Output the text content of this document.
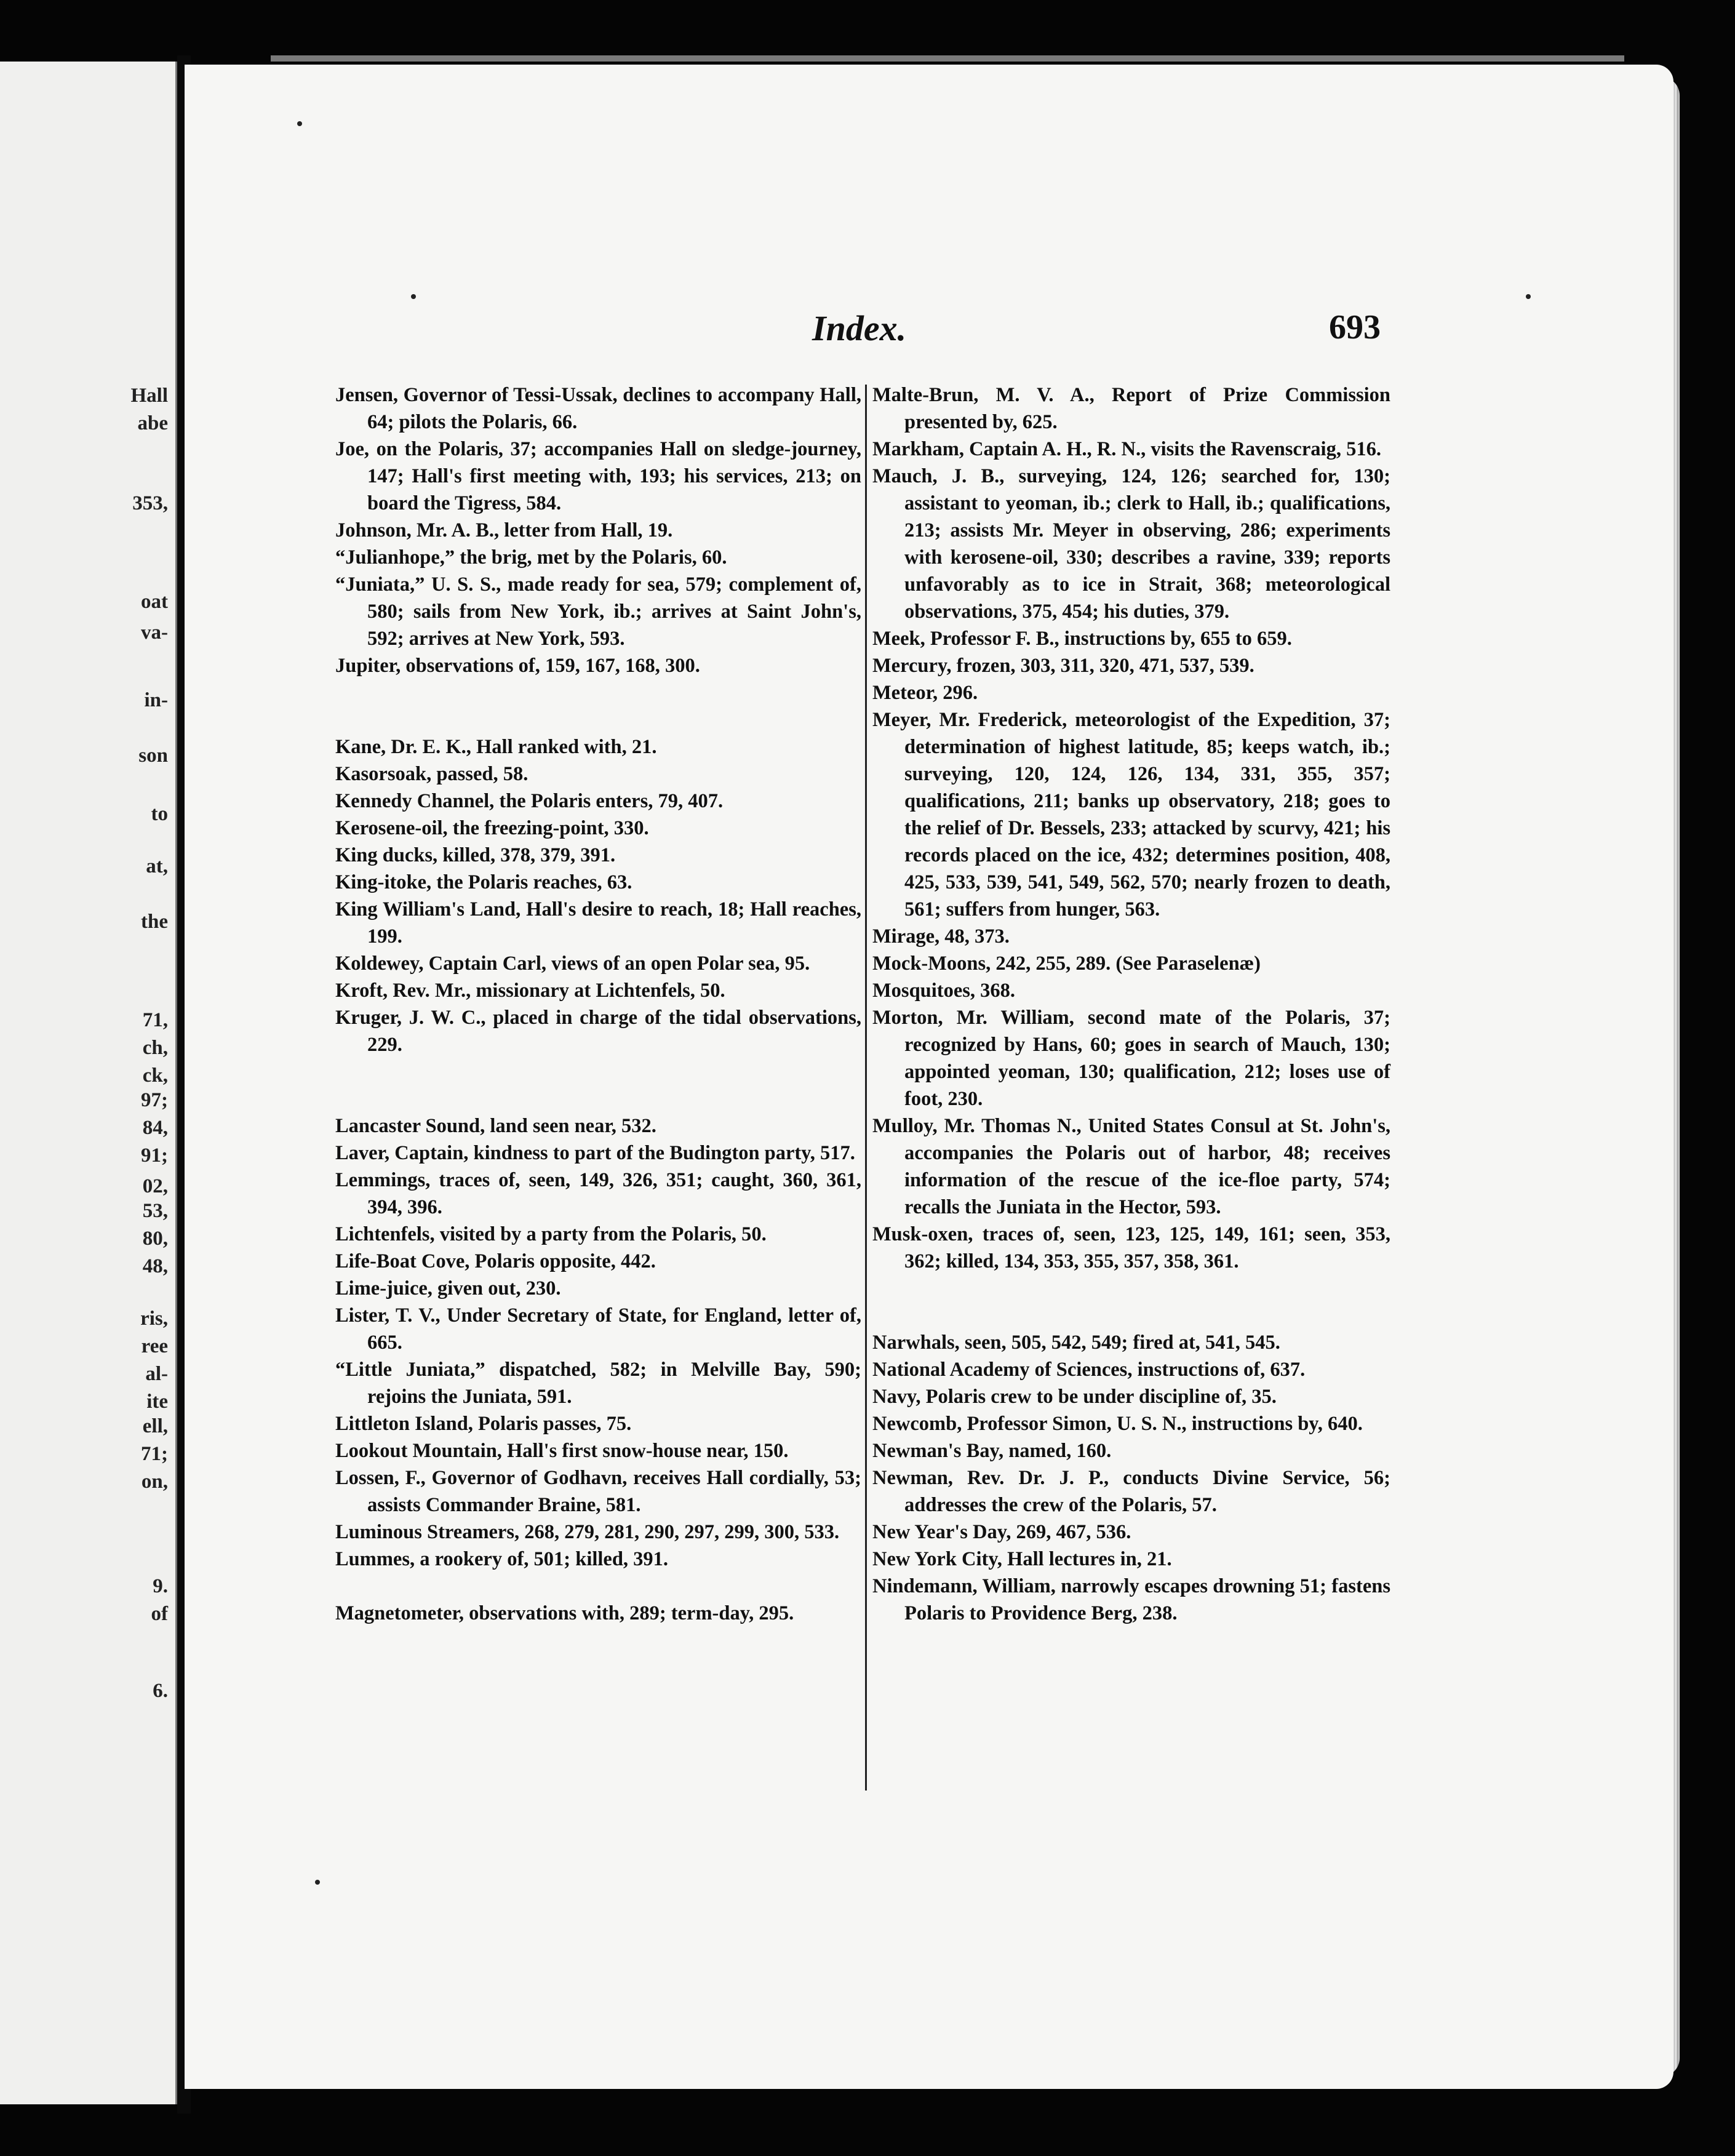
Hall
abe
353,
oat
va-
in-
son
to
at,
the
71,
ch,
ck,
97;
84,
91;
02,
53,
80,
48,
ris,
ree
al-
ite
ell,
71;
on,
9.
of
6.
Index.	693

Jensen, Governor of Tessi-Ussak, declines to accompany Hall, 64; pilots the Polaris, 66.

Joe, on the Polaris, 37; accompanies Hall on sledge-journey, 147; Hall's first meeting with, 193; his services, 213; on board the Tigress, 584.

Johnson, Mr. A. B., letter from Hall, 19.

“Julianhope,” the brig, met by the Polaris, 60.

“Juniata,” U. S. S., made ready for sea, 579; complement of, 580; sails from New York, ib.; arrives at Saint John's, 592; arrives at New York, 593.

Jupiter, observations of, 159, 167, 168, 300.

Kane, Dr. E. K., Hall ranked with, 21.

Kasorsoak, passed, 58.

Kennedy Channel, the Polaris enters, 79, 407.

Kerosene-oil, the freezing-point, 330.

King ducks, killed, 378, 379, 391.

King-itoke, the Polaris reaches, 63.

King William's Land, Hall's desire to reach, 18; Hall reaches, 199.

Koldewey, Captain Carl, views of an open Polar sea, 95.

Kroft, Rev. Mr., missionary at Lichtenfels, 50.

Kruger, J. W. C., placed in charge of the tidal observations, 229.

Lancaster Sound, land seen near, 532.

Laver, Captain, kindness to part of the Budington party, 517.

Lemmings, traces of, seen, 149, 326, 351; caught, 360, 361, 394, 396.

Lichtenfels, visited by a party from the Polaris, 50.

Life-Boat Cove, Polaris opposite, 442.

Lime-juice, given out, 230.

Lister, T. V., Under Secretary of State, for England, letter of, 665.

“Little Juniata,” dispatched, 582; in Melville Bay, 590; rejoins the Juniata, 591.

Littleton Island, Polaris passes, 75.

Lookout Mountain, Hall's first snow-house near, 150.

Lossen, F., Governor of Godhavn, receives Hall cordially, 53; assists Commander Braine, 581.

Luminous Streamers, 268, 279, 281, 290, 297, 299, 300, 533.

Lummes, a rookery of, 501; killed, 391.

Magnetometer, observations with, 289; term-day, 295.

Malte-Brun, M. V. A., Report of Prize Commission presented by, 625.

Markham, Captain A. H., R. N., visits the Ravenscraig, 516.

Mauch, J. B., surveying, 124, 126; searched for, 130; assistant to yeoman, ib.; clerk to Hall, ib.; qualifications, 213; assists Mr. Meyer in observing, 286; experiments with kerosene-oil, 330; describes a ravine, 339; reports unfavorably as to ice in Strait, 368; meteorological observations, 375, 454; his duties, 379.

Meek, Professor F. B., instructions by, 655 to 659.

Mercury, frozen, 303, 311, 320, 471, 537, 539.

Meteor, 296.

Meyer, Mr. Frederick, meteorologist of the Expedition, 37; determination of highest latitude, 85; keeps watch, ib.; surveying, 120, 124, 126, 134, 331, 355, 357; qualifications, 211; banks up observatory, 218; goes to the relief of Dr. Bessels, 233; attacked by scurvy, 421; his records placed on the ice, 432; determines position, 408, 425, 533, 539, 541, 549, 562, 570; nearly frozen to death, 561; suffers from hunger, 563.

Mirage, 48, 373.

Mock-Moons, 242, 255, 289. (See Paraselenæ)

Mosquitoes, 368.

Morton, Mr. William, second mate of the Polaris, 37; recognized by Hans, 60; goes in search of Mauch, 130; appointed yeoman, 130; qualification, 212; loses use of foot, 230.

Mulloy, Mr. Thomas N., United States Consul at St. John's, accompanies the Polaris out of harbor, 48; receives information of the rescue of the ice-floe party, 574; recalls the Juniata in the Hector, 593.

Musk-oxen, traces of, seen, 123, 125, 149, 161; seen, 353, 362; killed, 134, 353, 355, 357, 358, 361.

Narwhals, seen, 505, 542, 549; fired at, 541, 545.

National Academy of Sciences, instructions of, 637.

Navy, Polaris crew to be under discipline of, 35.

Newcomb, Professor Simon, U. S. N., instructions by, 640.

Newman's Bay, named, 160.

Newman, Rev. Dr. J. P., conducts Divine Service, 56; addresses the crew of the Polaris, 57.

New Year's Day, 269, 467, 536.

New York City, Hall lectures in, 21.

Nindemann, William, narrowly escapes drowning 51; fastens Polaris to Providence Berg, 238.
